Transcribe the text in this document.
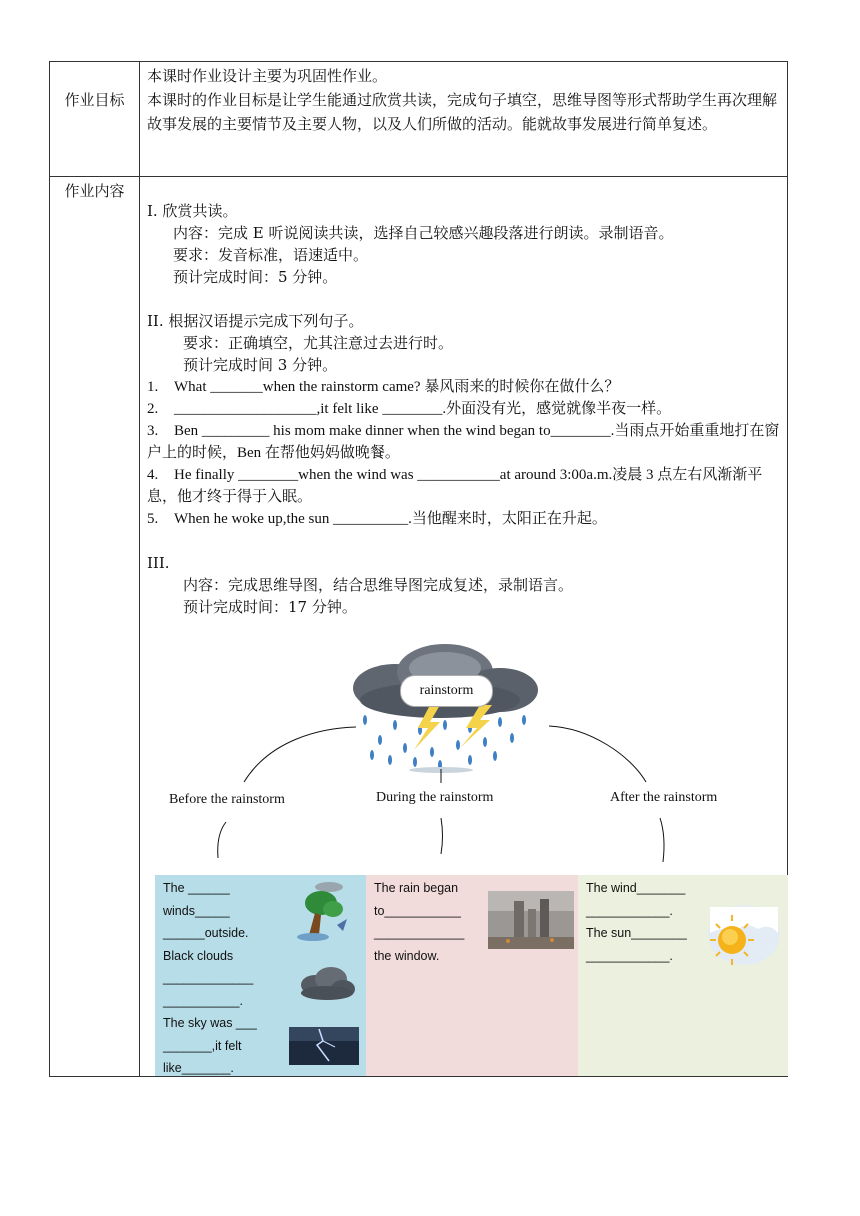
作业目标
作业内容

本课时作业设计主要为巩固性作业。

本课时的作业目标是让学生能通过欣赏共读，完成句子填空，思维导图等形式帮助学生再次理解故事发展的主要情节及主要人物，以及人们所做的活动。能就故事发展进行简单复述。

I. 欣赏共读。

内容：完成 E 听说阅读共读，选择自己较感兴趣段落进行朗读。录制语音。

要求：发音标准，语速适中。

预计完成时间：5 分钟。

II. 根据汉语提示完成下列句子。

要求：正确填空，尤其注意过去进行时。

预计完成时间 3 分钟。

1. What _______when the rainstorm came? 暴风雨来的时候你在做什么？

2. ___________________,it felt like ________.外面没有光，感觉就像半夜一样。

3. Ben _________ his mom make dinner when the wind began to________.当雨点开始重重地打在窗户上的时候，Ben 在帮他妈妈做晚餐。

4. He finally ________when the wind was ___________at around 3:00a.m.凌晨 3 点左右风渐渐平息，他才终于得于入眠。

5. When he woke up,the sun __________.当他醒来时，太阳正在升起。

III.

内容：完成思维导图，结合思维导图完成复述，录制语言。

预计完成时间：17 分钟。

rainstorm
Before the rainstorm	During the rainstorm	After the rainstorm

The ______

winds_____

______outside.

Black clouds

_____________

___________.

The sky was ___

_______,it felt

like_______.

The rain began

to___________

_____________

the window.

The wind_______

____________.

The sun________

____________.
